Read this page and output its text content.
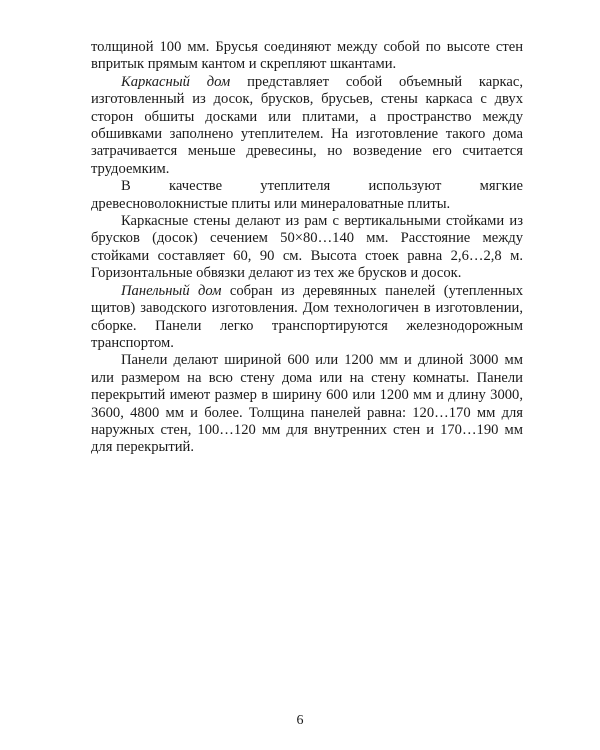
толщиной 100 мм. Брусья соединяют между собой по высоте стен впритык прямым кантом и скрепляют шкантами.

Каркасный дом представляет собой объемный каркас, изготовленный из досок, брусков, брусьев, стены каркаса с двух сторон обшиты досками или плитами, а пространство между обшивками заполнено утеплителем. На изготовление такого дома затрачивается меньше древесины, но возведение его считается трудоемким.

В качестве утеплителя используют мягкие древесноволокнистые плиты или минераловатные плиты.

Каркасные стены делают из рам с вертикальными стойками из брусков (досок) сечением 50×80…140 мм. Расстояние между стойками составляет 60, 90 см. Высота стоек равна 2,6…2,8 м. Горизонтальные обвязки делают из тех же брусков и досок.

Панельный дом собран из деревянных панелей (утепленных щитов) заводского изготовления. Дом технологичен в изготовлении, сборке. Панели легко транспортируются железнодорожным транспортом.

Панели делают шириной 600 или 1200 мм и длиной 3000 мм или размером на всю стену дома или на стену комнаты. Панели перекрытий имеют размер в ширину 600 или 1200 мм и длину 3000, 3600, 4800 мм и более. Толщина панелей равна: 120…170 мм для наружных стен, 100…120 мм для внутренних стен и 170…190 мм для перекрытий.

6
